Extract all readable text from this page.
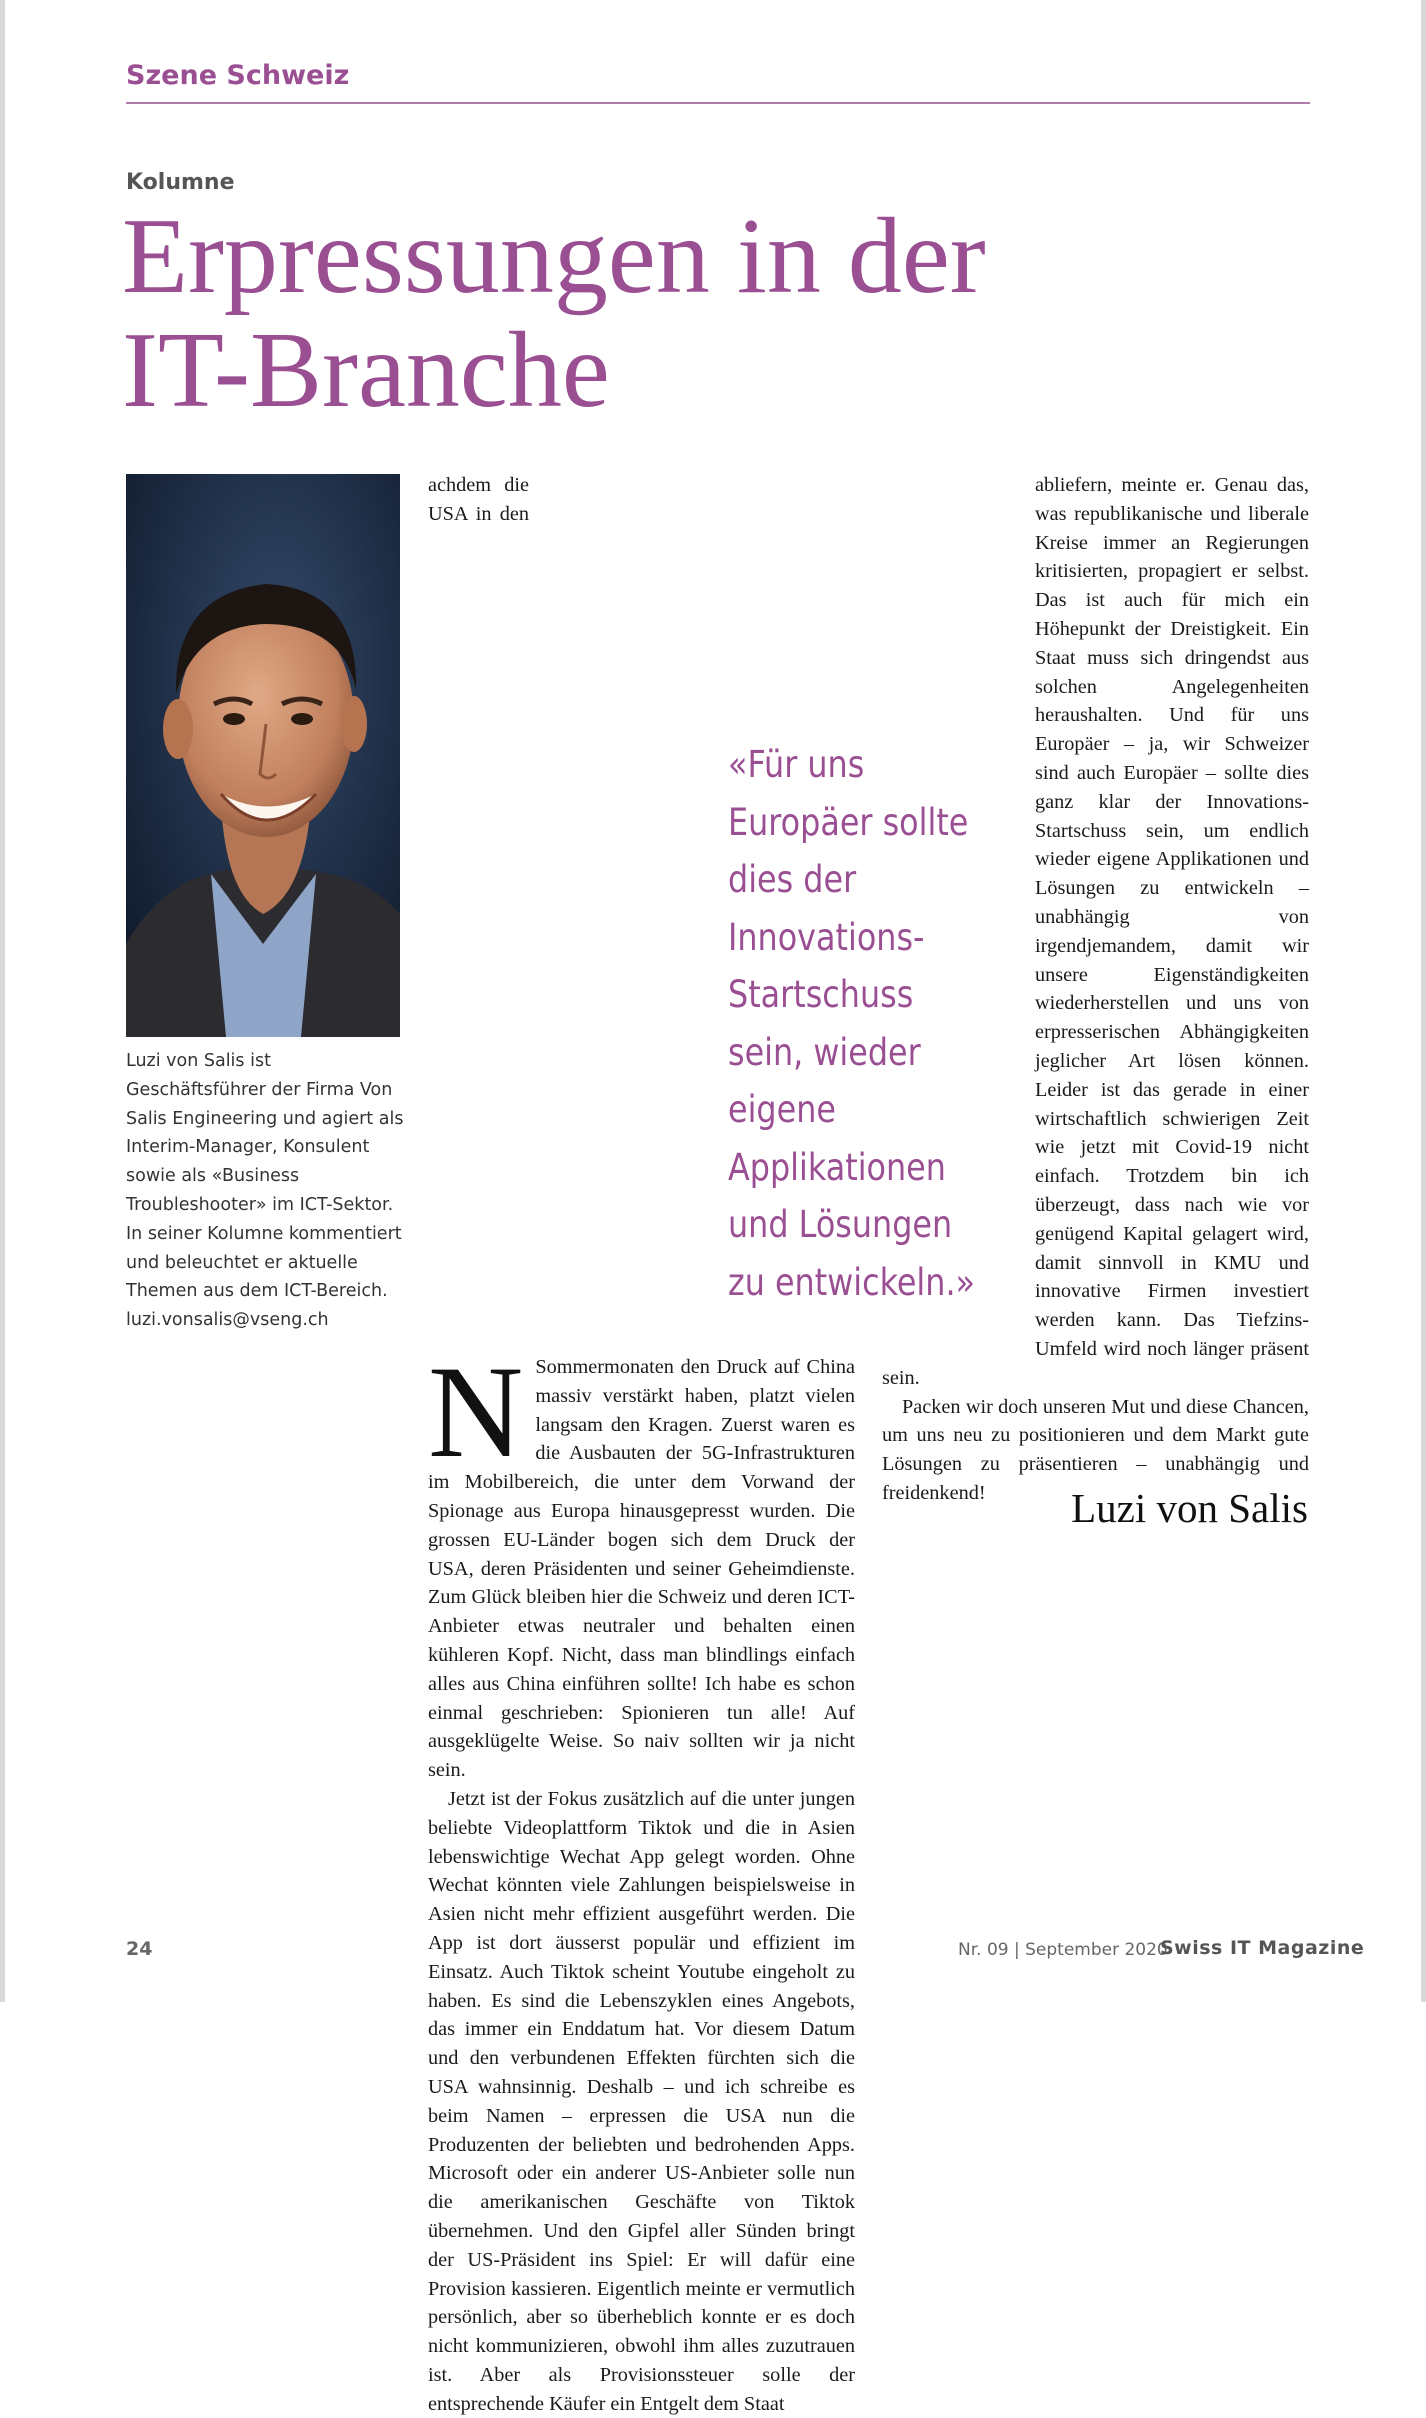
Szene Schweiz
Kolumne
Erpressungen in der
IT-Branche
Luzi von Salis ist Geschäftsführer der Firma Von Salis Engineering und agiert als Interim-Manager, Konsulent sowie als «Business Troubleshooter» im ICT-Sektor. In seiner Kolumne kommentiert und beleuchtet er aktuelle Themen aus dem ICT-Bereich.
luzi.vonsalis@vseng.ch

N
achdem die USA in den Sommermonaten den Druck auf China massiv verstärkt haben, platzt vielen langsam den Kragen. Zuerst waren es die Ausbauten der 5G-Infrastrukturen im Mobilbereich, die unter dem Vorwand der Spionage aus Europa hinausgepresst wurden. Die grossen EU-Länder bogen sich dem Druck der USA, deren Präsidenten und seiner Geheimdienste. Zum Glück bleiben hier die Schweiz und deren ICT-Anbieter etwas neutraler und behalten einen kühleren Kopf. Nicht, dass man blindlings einfach alles aus China einführen sollte! Ich habe es schon einmal geschrieben: Spionieren tun alle! Auf ausgeklügelte Weise. So naiv sollten wir ja nicht sein.

Jetzt ist der Fokus zusätzlich auf die unter jungen beliebte Videoplattform Tiktok und die in Asien lebenswichtige Wechat App gelegt worden. Ohne Wechat könnten viele Zahlungen beispielsweise in Asien nicht mehr effizient ausgeführt werden. Die App ist dort äusserst populär und effizient im Einsatz. Auch Tiktok scheint Youtube eingeholt zu haben. Es sind die Lebenszyklen eines Angebots, das immer ein Enddatum hat. Vor diesem Datum und den verbundenen Effekten fürchten sich die USA wahnsinnig. Deshalb – und ich schreibe es beim Namen – erpressen die USA nun die Produzenten der beliebten und bedrohenden Apps. Microsoft oder ein anderer US-Anbieter solle nun die amerikanischen Geschäfte von Tiktok übernehmen. Und den Gipfel aller Sünden bringt der US-Präsident ins Spiel: Er will dafür eine Provision kassieren. Eigentlich meinte er vermutlich persönlich, aber so überheblich konnte er es doch nicht kommunizieren, obwohl ihm alles zuzutrauen ist. Aber als Provisionssteuer solle der entsprechende Käufer ein Entgelt dem Staat

«Für uns Europäer sollte dies der Innovations-Startschuss sein, wieder eigene Applikationen und Lösungen zu entwickeln.»

abliefern, meinte er. Genau das, was republikanische und liberale Kreise immer an Regierungen kritisierten, propagiert er selbst. Das ist auch für mich ein Höhepunkt der Dreistigkeit. Ein Staat muss sich dringendst aus solchen Angelegenheiten heraushalten. Und für uns Europäer – ja, wir Schweizer sind auch Europäer – sollte dies ganz klar der Innovations-Startschuss sein, um endlich wieder eigene Applikationen und Lösungen zu entwickeln – unabhängig von irgendjemandem, damit wir unsere Eigenständigkeiten wiederherstellen und uns von erpresserischen Abhängigkeiten jeglicher Art lösen können. Leider ist das gerade in einer wirtschaftlich schwierigen Zeit wie jetzt mit Covid-19 nicht einfach. Trotzdem bin ich überzeugt, dass nach wie vor genügend Kapital gelagert wird, damit sinnvoll in KMU und innovative Firmen investiert werden kann. Das Tiefzins-Umfeld wird noch länger präsent sein.

Packen wir doch unseren Mut und diese Chancen, um uns neu zu positionieren und dem Markt gute Lösungen zu präsentieren – unabhängig und freidenkend!	Luzi von Salis
24	Nr. 09 | September 2020
Swiss IT Magazine
